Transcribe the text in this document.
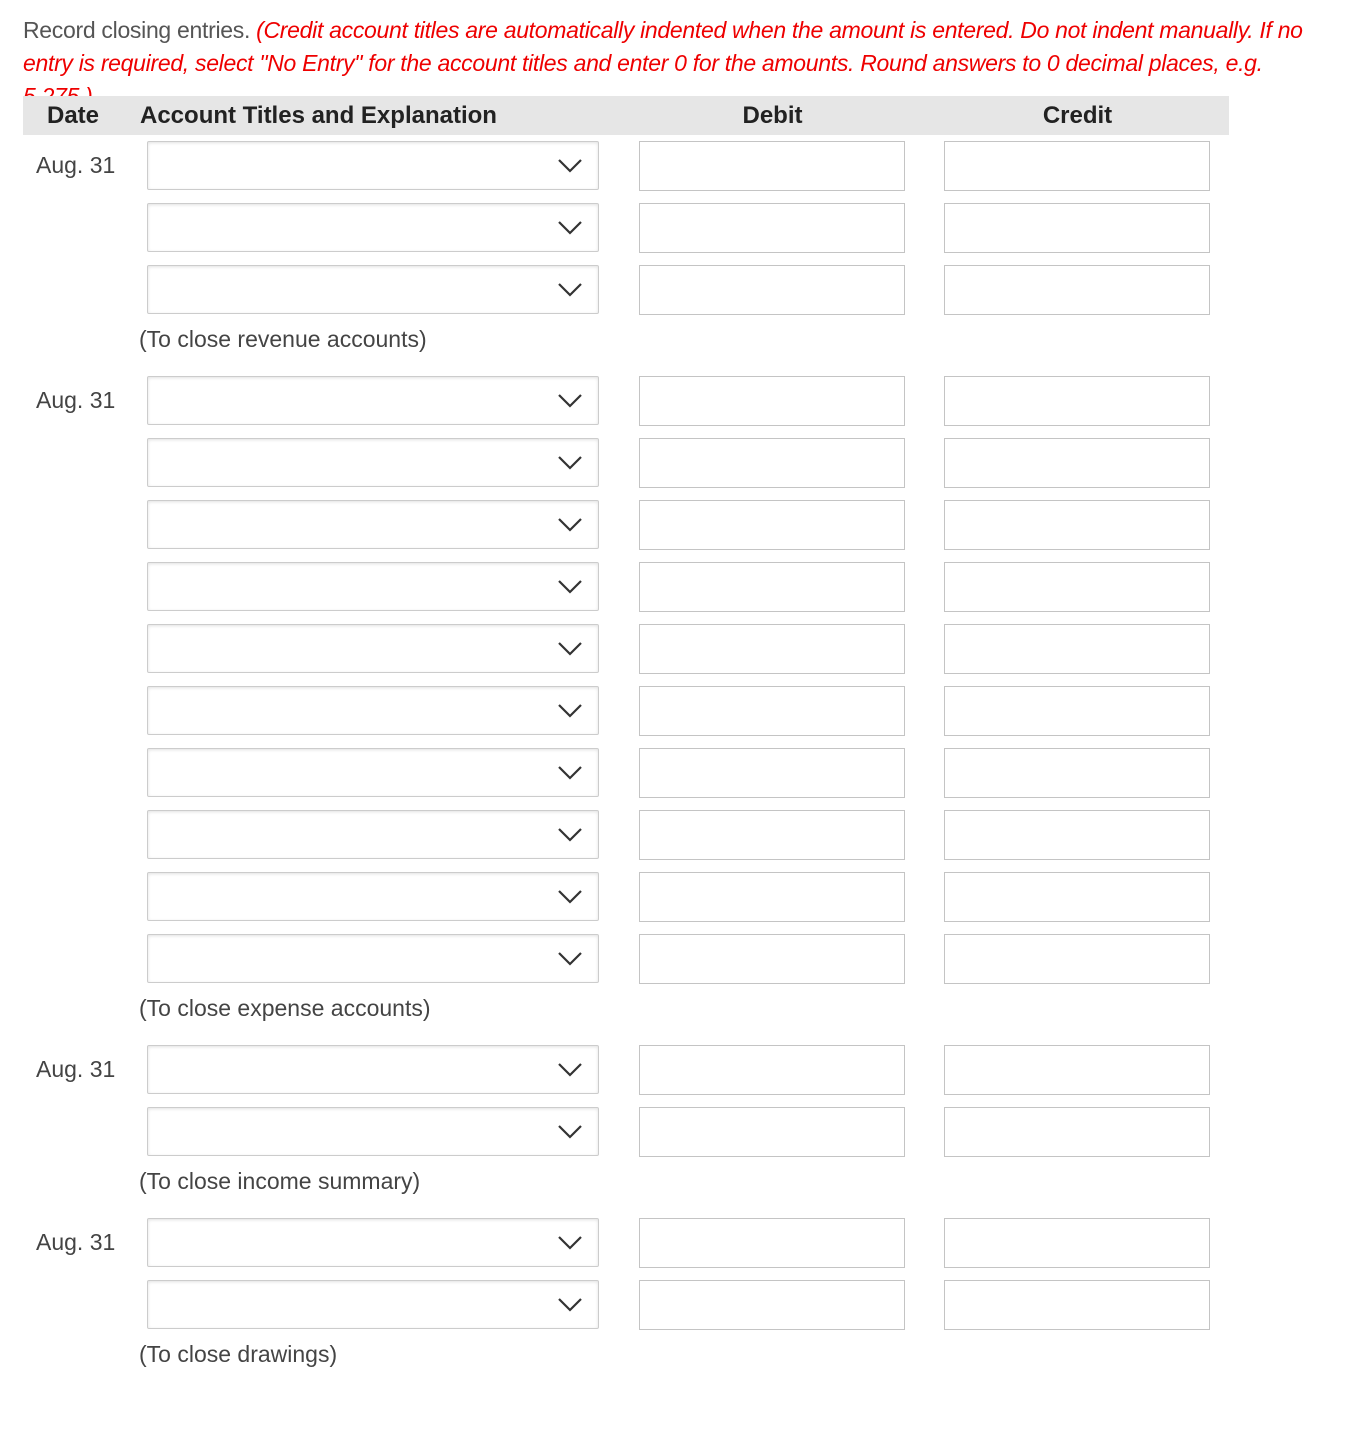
Record closing entries. (Credit account titles are automatically indented when the amount is entered. Do not indent manually. If no entry is required, select "No Entry" for the account titles and enter 0 for the amounts. Round answers to 0 decimal places, e.g.
Date Account Titles and Explanation	Debit	Credit
Aug. 31
(To close revenue accounts)
Aug. 31
(To close expense accounts)
Aug. 31
(To close income summary)
Aug. 31
(To close drawings)
